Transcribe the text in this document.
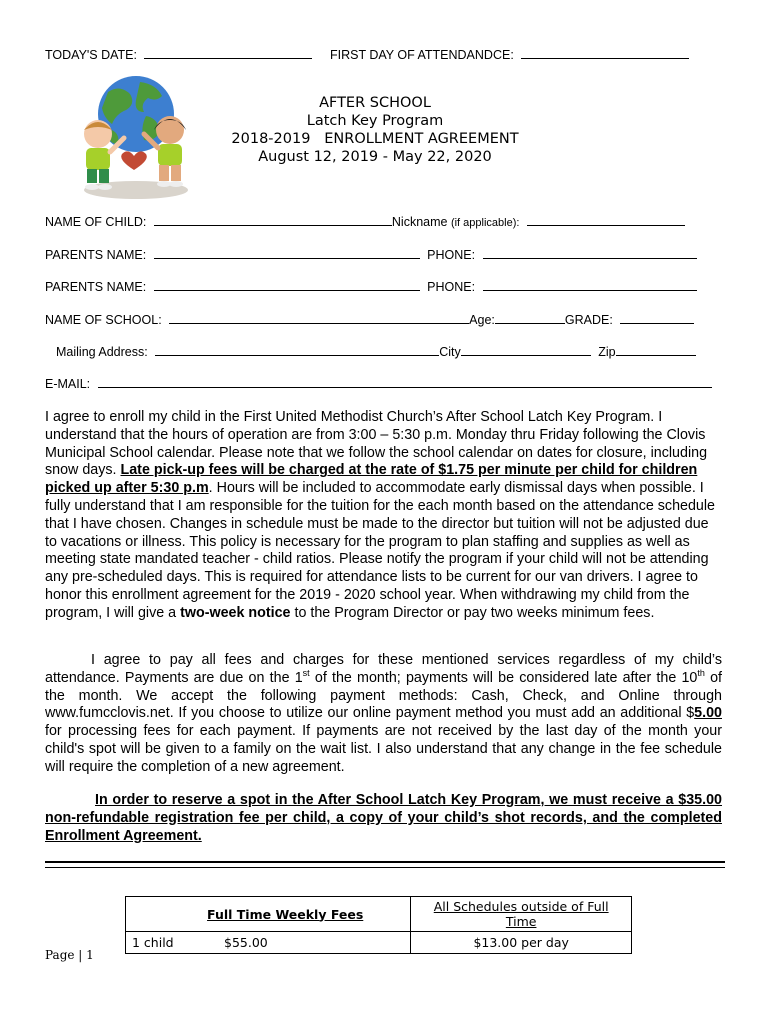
TODAY'S DATE:	FIRST DAY OF ATTENDANDCE:
AFTER SCHOOL
Latch Key Program
2018-2019   ENROLLMENT AGREEMENT
August 12, 2019 - May 22, 2020
NAME OF CHILD:	Nickname (if applicable):
PARENTS NAME:	PHONE:
PARENTS NAME:	PHONE:
NAME OF SCHOOL:	Age:	GRADE:
Mailing Address:	City	Zip
E-MAIL:
I agree to enroll my child in the First United Methodist Church’s After School Latch Key Program. I understand that the hours of operation are from 3:00 – 5:30 p.m. Monday thru Friday following the Clovis Municipal School calendar. Please note that we follow the school calendar on dates for closure, including snow days. Late pick-up fees will be charged at the rate of $1.75 per minute per child for children picked up after 5:30 p.m. Hours will be included to accommodate early dismissal days when possible. I fully understand that I am responsible for the tuition for the each month based on the attendance schedule that I have chosen. Changes in schedule must be made to the director but tuition will not be adjusted due to vacations or illness. This policy is necessary for the program to plan staffing and supplies as well as meeting state mandated teacher - child ratios. Please notify the program if your child will not be attending any pre-scheduled days. This is required for attendance lists to be current for our van drivers. I agree to honor this enrollment agreement for the 2019 - 2020 school year. When withdrawing my child from the program, I will give a two-week notice to the Program Director or pay two weeks minimum fees.
I agree to pay all fees and charges for these mentioned services regardless of my child’s attendance. Payments are due on the 1st of the month; payments will be considered late after the 10th of the month. We accept the following payment methods: Cash, Check, and Online through www.fumcclovis.net. If you choose to utilize our online payment method you must add an additional $5.00 for processing fees for each payment. If payments are not received by the last day of the month your child's spot will be given to a family on the wait list. I also understand that any change in the fee schedule will require the completion of a new agreement.
In order to reserve a spot in the After School Latch Key Program, we must receive a $35.00 non-refundable registration fee per child, a copy of your child’s shot records, and the completed Enrollment Agreement.
Full Time Weekly Fees		All Schedules outside of Full Time
1 child	$55.00	$13.00 per day
Page | 1
